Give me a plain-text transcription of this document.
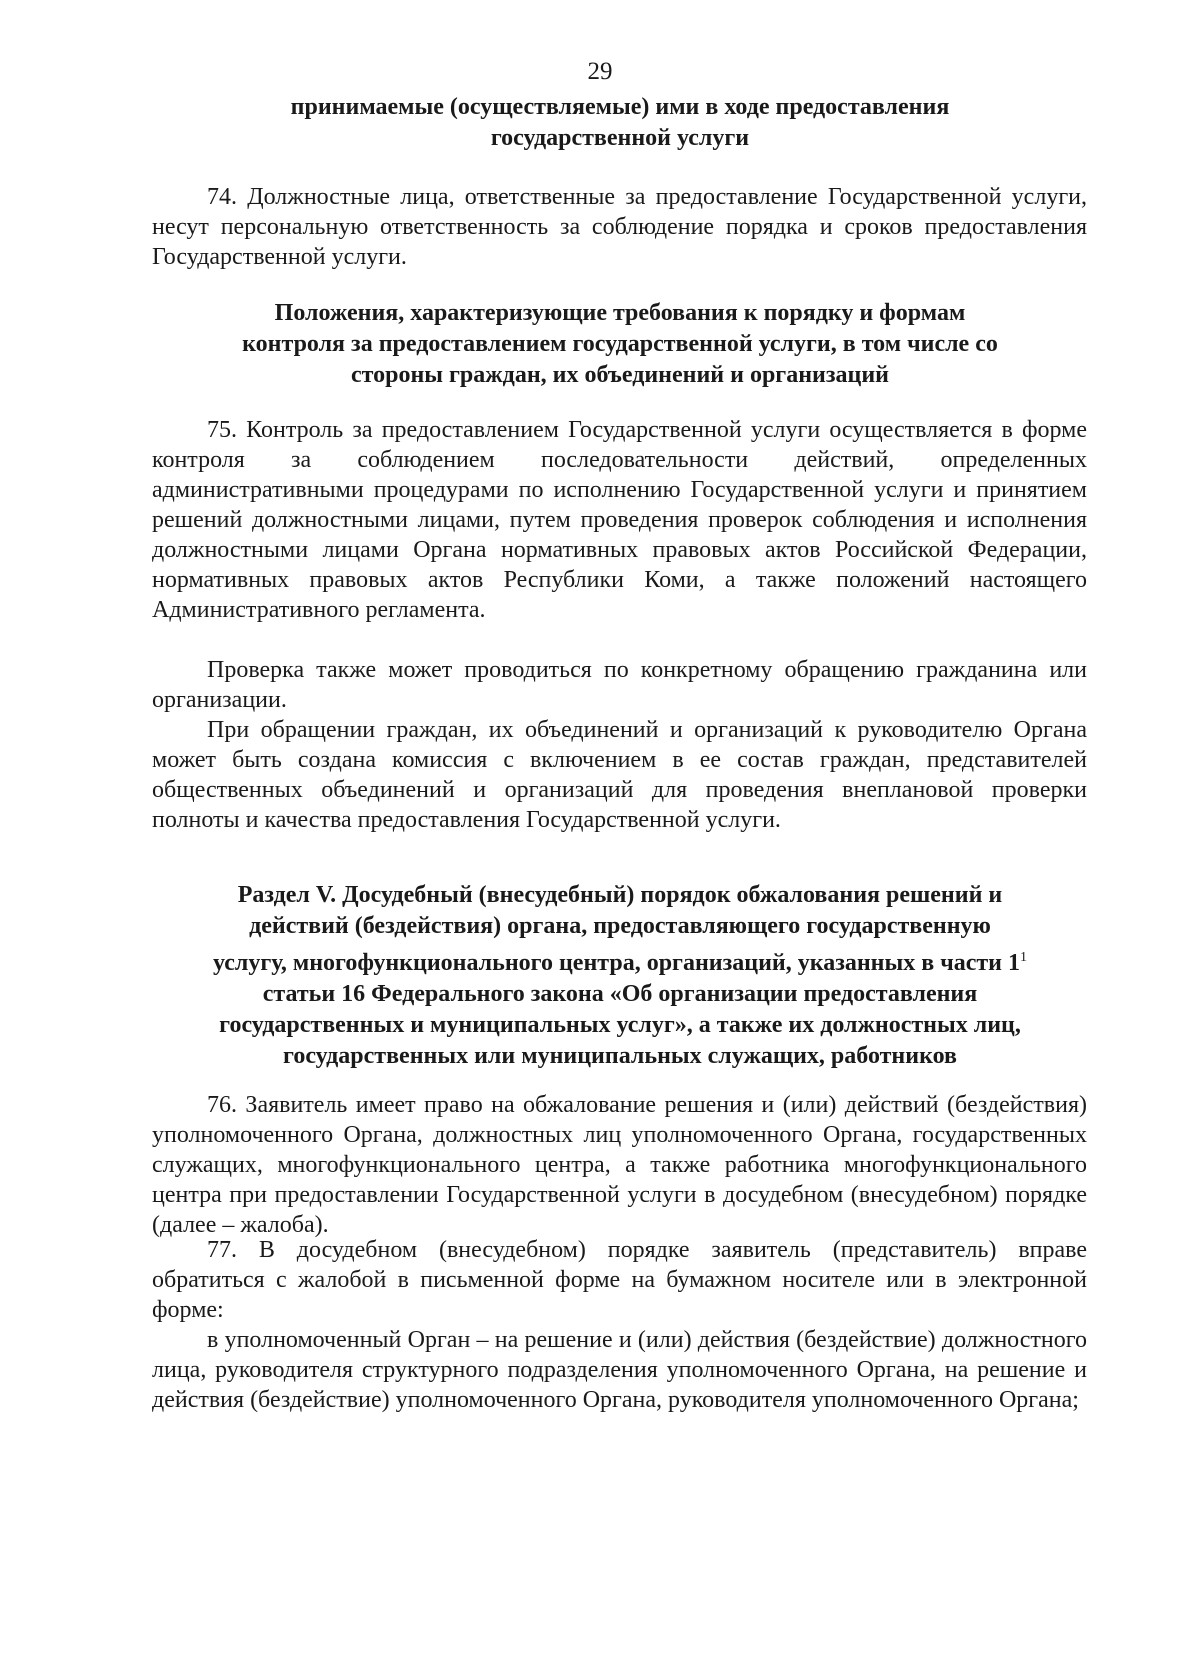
29
принимаемые (осуществляемые) ими в ходе предоставления
государственной услуги
74. Должностные лица, ответственные за предоставление Государственной услуги, несут персональную ответственность за соблюдение порядка и сроков предоставления Государственной услуги.
Положения, характеризующие требования к порядку и формам
контроля за предоставлением государственной услуги, в том числе со
стороны граждан, их объединений и организаций
75. Контроль за предоставлением Государственной услуги осуществляется в форме контроля за соблюдением последовательности действий, определенных административными процедурами по исполнению Государственной услуги и принятием решений должностными лицами, путем проведения проверок соблюдения и исполнения должностными лицами Органа нормативных правовых актов Российской Федерации, нормативных правовых актов Республики Коми, а также положений настоящего Административного регламента.
Проверка также может проводиться по конкретному обращению гражданина или организации.
При обращении граждан, их объединений и организаций к руководителю Органа может быть создана комиссия с включением в ее состав граждан, представителей общественных объединений и организаций для проведения внеплановой проверки полноты и качества предоставления Государственной услуги.
Раздел V. Досудебный (внесудебный) порядок обжалования решений и
действий (бездействия) органа, предоставляющего государственную
услугу, многофункционального центра, организаций, указанных в части $1^1$
статьи 16 Федерального закона «Об организации предоставления
государственных и муниципальных услуг», а также их должностных лиц,
государственных или муниципальных служащих, работников
76. Заявитель имеет право на обжалование решения и (или) действий (бездействия) уполномоченного Органа, должностных лиц уполномоченного Органа, государственных служащих, многофункционального центра, а также работника многофункционального центра при предоставлении Государственной услуги в досудебном (внесудебном) порядке (далее – жалоба).
77. В досудебном (внесудебном) порядке заявитель (представитель) вправе обратиться с жалобой в письменной форме на бумажном носителе или в электронной форме:
в уполномоченный Орган – на решение и (или) действия (бездействие) должностного лица, руководителя структурного подразделения уполномоченного Органа, на решение и действия (бездействие) уполномоченного Органа, руководителя уполномоченного Органа;
